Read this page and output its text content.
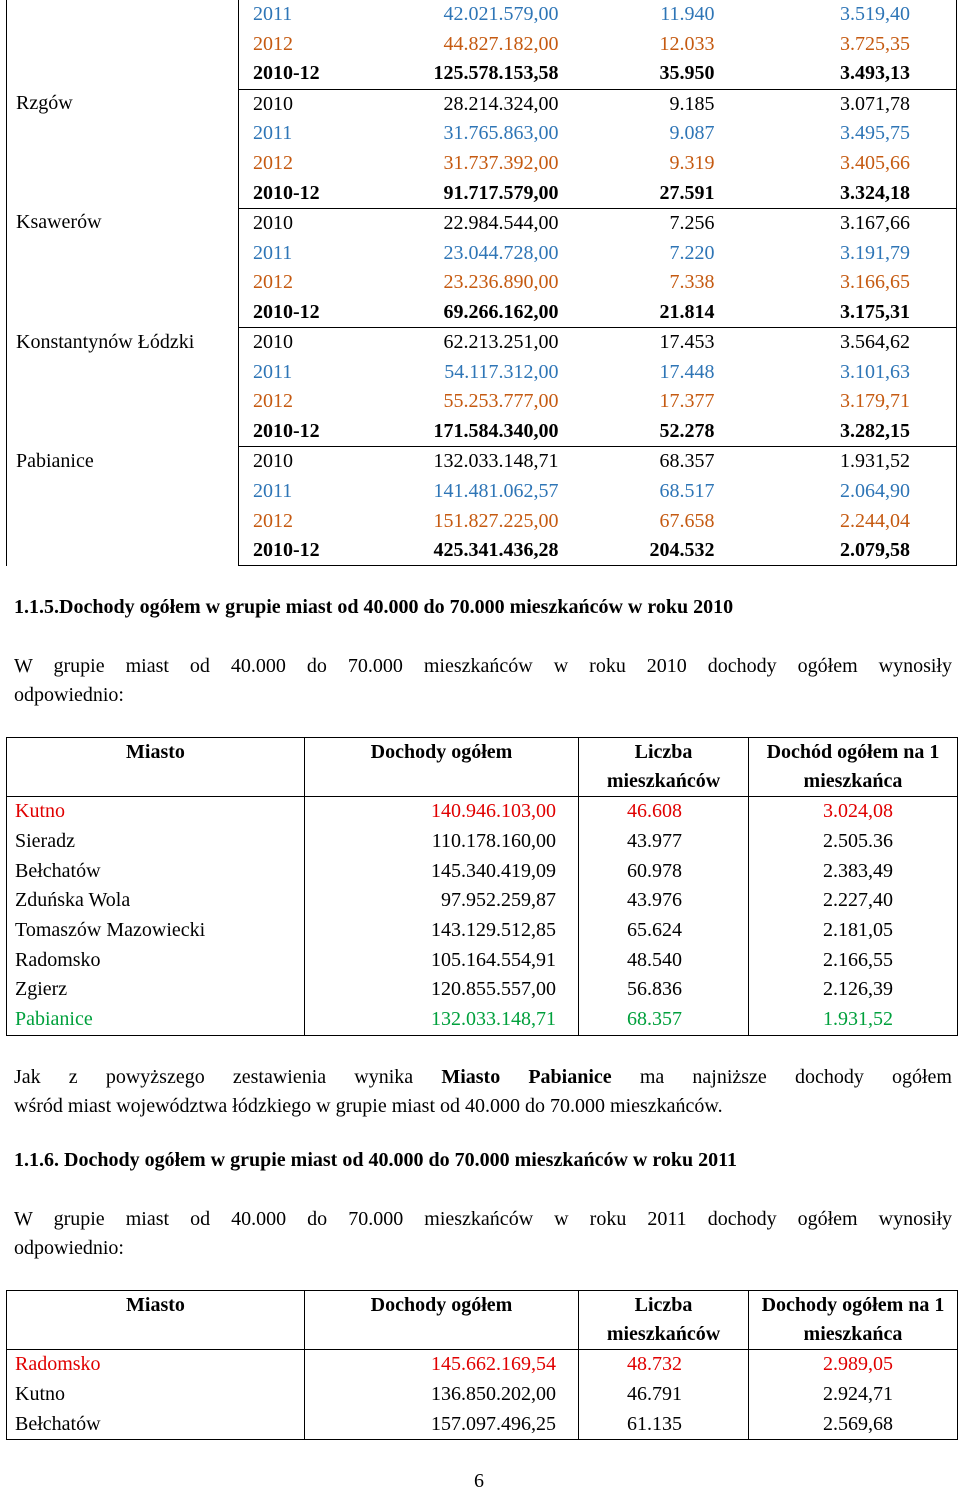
	2011	42.021.579,00	11.940	3.519,40
	2012	44.827.182,00	12.033	3.725,35
	2010-12	125.578.153,58	35.950	3.493,13
Rzgów	2010	28.214.324,00	9.185	3.071,78
	2011	31.765.863,00	9.087	3.495,75
	2012	31.737.392,00	9.319	3.405,66
	2010-12	91.717.579,00	27.591	3.324,18
Ksawerów	2010	22.984.544,00	7.256	3.167,66
	2011	23.044.728,00	7.220	3.191,79
	2012	23.236.890,00	7.338	3.166,65
	2010-12	69.266.162,00	21.814	3.175,31
Konstantynów Łódzki	2010	62.213.251,00	17.453	3.564,62
	2011	54.117.312,00	17.448	3.101,63
	2012	55.253.777,00	17.377	3.179,71
	2010-12	171.584.340,00	52.278	3.282,15
Pabianice	2010	132.033.148,71	68.357	1.931,52
	2011	141.481.062,57	68.517	2.064,90
	2012	151.827.225,00	67.658	2.244,04
	2010-12	425.341.436,28	204.532	2.079,58
1.1.5.Dochody ogółem w grupie miast od 40.000 do 70.000 mieszkańców w roku 2010
W grupie miast od 40.000 do 70.000 mieszkańców w roku 2010 dochody ogółem wynosiły
odpowiednio:
Miasto	Dochody ogółem	Liczba mieszkańców	Dochód ogółem na 1 mieszkańca
Kutno	140.946.103,00	46.608	3.024,08
Sieradz	110.178.160,00	43.977	2.505.36
Bełchatów	145.340.419,09	60.978	2.383,49
Zduńska Wola	97.952.259,87	43.976	2.227,40
Tomaszów Mazowiecki	143.129.512,85	65.624	2.181,05
Radomsko	105.164.554,91	48.540	2.166,55
Zgierz	120.855.557,00	56.836	2.126,39
Pabianice	132.033.148,71	68.357	1.931,52
Jak z powyższego zestawienia wynika Miasto Pabianice ma najniższe dochody ogółem
wśród miast województwa łódzkiego w grupie miast od 40.000 do 70.000 mieszkańców.
1.1.6. Dochody ogółem w grupie miast od 40.000 do 70.000 mieszkańców w roku 2011
W grupie miast od 40.000 do 70.000 mieszkańców w roku 2011 dochody ogółem wynosiły
odpowiednio:
Miasto	Dochody ogółem	Liczba mieszkańców	Dochody ogółem na 1 mieszkańca
Radomsko	145.662.169,54	48.732	2.989,05
Kutno	136.850.202,00	46.791	2.924,71
Bełchatów	157.097.496,25	61.135	2.569,68
6
